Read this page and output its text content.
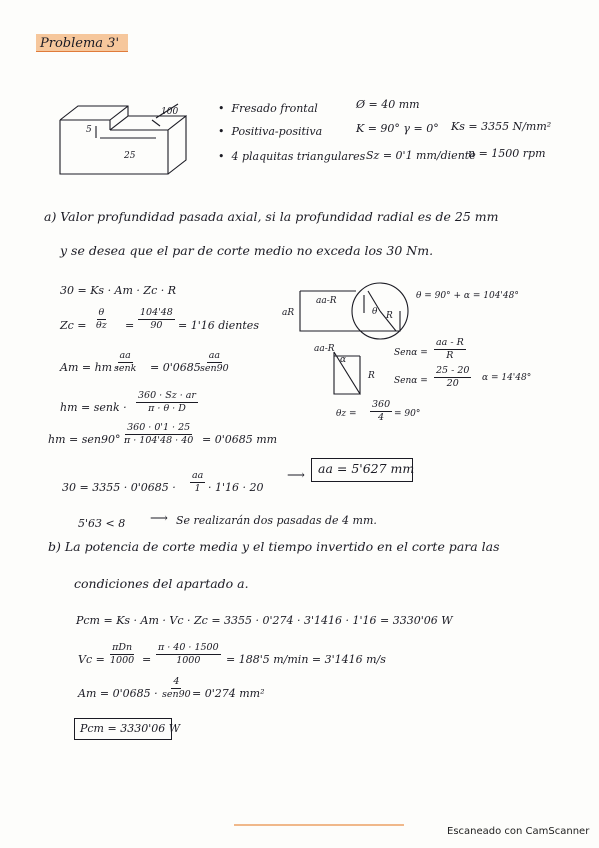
Problema 3'
100
25
5
•  Fresado frontal
•  Positiva-positiva
•  4 plaquitas triangulares
Ø = 40 mm
K = 90° γ = 0° Ks = 3355 N/mm²
Sz = 0'1 mm/diente
n = 1500 rpm
a) Valor profundidad pasada axial, si la profundidad radial es de 25 mm
y se desea que el par de corte medio no exceda los 30 Nm.
30 = Ks · Am · Zc · R
$Zc = \frac{\theta}{\theta z} = \frac{104'48}{90} = 1'16$ dientes
Am = hm ·
aa
senk = 0'0685
aa
sen90
hm = senk · $\frac{360 \cdot Sz \cdot ar}{\pi \cdot \theta \cdot D}$
hm = sen90° ·
$\frac{360 \cdot 0'1 \cdot 25}{\pi \cdot 104'48 \cdot 40} = 0'0685$ mm
$30 = 3355 \cdot 0'0685 \cdot \frac{aa}{1} \cdot 1'16 \cdot 20$
⟶ aa = 5'627 mm
5'63 < 8 ⟶ Se realizarán dos pasadas de 4 mm.
aR
aa-R
θ R
θ = 90° + α = 104'48°
aa-R
α
R
$Sen\alpha = \frac{aa - R}{R}$
$Sen\alpha = \frac{25 - 20}{20}$ α = 14'48°
$\theta z = \frac{360}{4} = 90^\circ$
b) La potencia de corte media y el tiempo invertido en el corte para las
condiciones del apartado a.
Pcm = Ks · Am · Vc · Zc = 3355 · 0'274 · 3'1416 · 1'16 = 3330'06 W
Vc =
πDn
$1000 = \frac{\pi \cdot 40 \cdot 1500}{1000} = 188'5$ m/min = 3'1416 m/s
Am = 0'0685 ·
4
sen90 = 0'274 mm²
Pcm = 3330'06 W
Escaneado con CamScanner
